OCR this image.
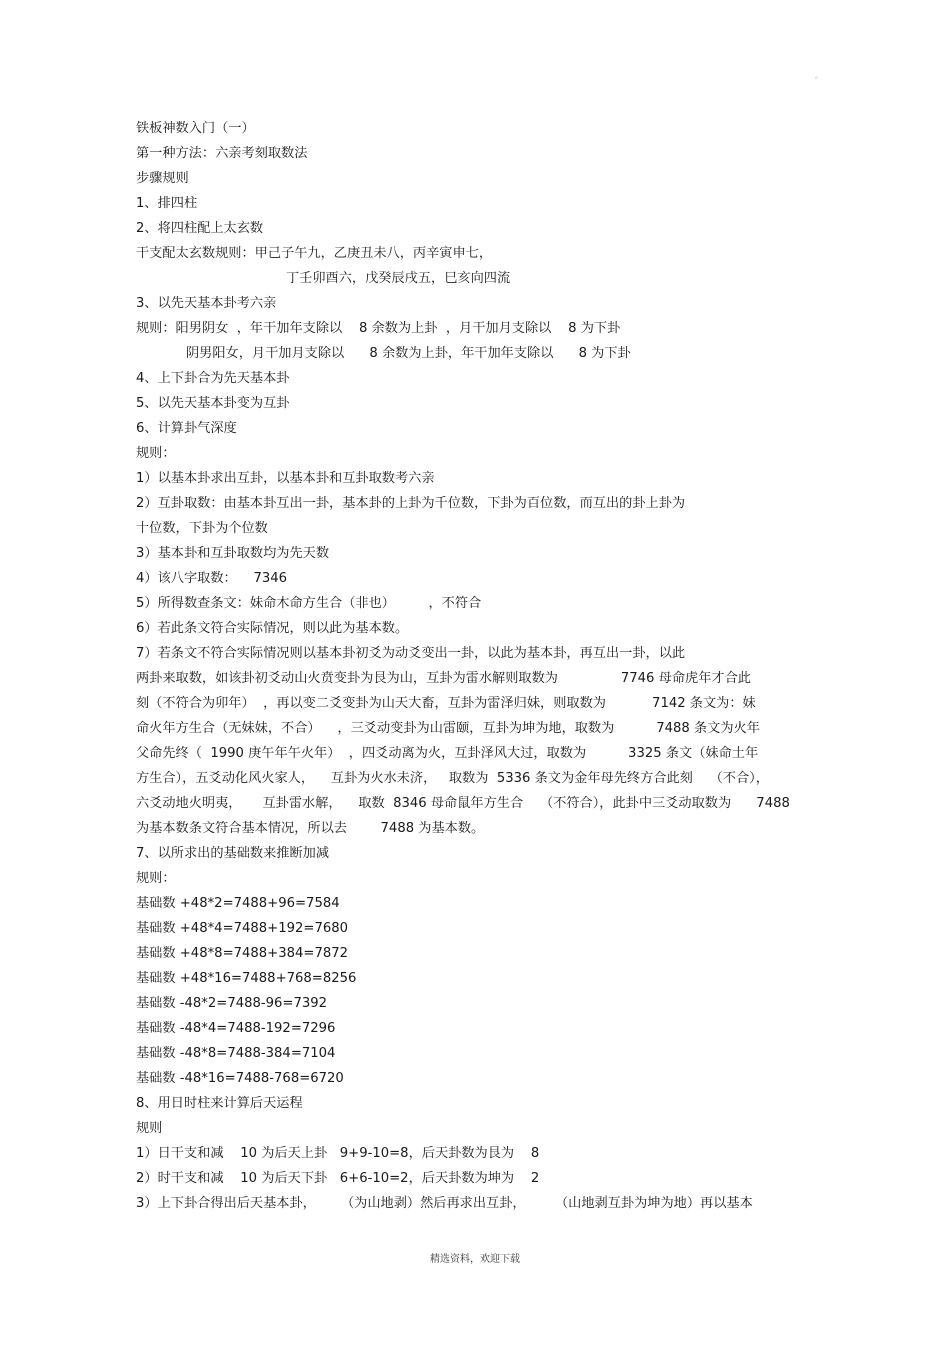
。
铁板神数入门（一）
第一种方法：六亲考刻取数法
步骤规则
1、排四柱
2、将四柱配上太玄数
干支配太玄数规则：甲己子午九，乙庚丑未八，丙辛寅申七，
丁壬卯酉六，戊癸辰戌五，巳亥向四流
3、以先天基本卦考六亲
规则：阳男阴女  ，年干加年支除以    8 余数为上卦  ，月干加月支除以    8 为下卦
阴男阳女，月干加月支除以      8 余数为上卦，年干加年支除以      8 为下卦
4、上下卦合为先天基本卦
5、以先天基本卦变为互卦
6、计算卦气深度
规则：
1）以基本卦求出互卦，以基本卦和互卦取数考六亲
2）互卦取数：由基本卦互出一卦，基本卦的上卦为千位数，下卦为百位数，而互出的卦上卦为
十位数，下卦为个位数
3）基本卦和互卦取数均为先天数
4）该八字取数：    7346
5）所得数查条文：妹命木命方生合（非也）        ，不符合
6）若此条文符合实际情况，则以此为基本数。
7）若条文不符合实际情况则以基本卦初爻为动爻变出一卦，以此为基本卦，再互出一卦，以此
两卦来取数，如该卦初爻动山火贲变卦为艮为山，互卦为雷水解则取数为               7746 母命虎年才合此
刻（不符合为卯年）  ，再以变二爻变卦为山天大畜，互卦为雷泽归妹，则取数为           7142 条文为：妹
命火年方生合（无妹妹，不合）    ，三爻动变卦为山雷颐，互卦为坤为地，取数为          7488 条文为火年
父命先终（  1990 庚午年午火年）  ，四爻动离为火，互卦泽风大过，取数为          3325 条文（妹命土年
方生合），五爻动化风火家人，    互卦为火水未济，   取数为  5336 条文为金年母先终方合此刻    （不合），
六爻动地火明夷，     互卦雷水解，    取数  8346 母命鼠年方生合    （不符合），此卦中三爻动取数为      7488
为基本数条文符合基本情况，所以去        7488 为基本数。
7、以所求出的基础数来推断加减
规则：
基础数 +48*2=7488+96=7584
基础数 +48*4=7488+192=7680
基础数 +48*8=7488+384=7872
基础数 +48*16=7488+768=8256
基础数 -48*2=7488-96=7392
基础数 -48*4=7488-192=7296
基础数 -48*8=7488-384=7104
基础数 -48*16=7488-768=6720
8、用日时柱来计算后天运程
规则
1）日干支和减    10 为后天上卦   9+9-10=8，后天卦数为艮为    8
2）时干支和减    10 为后天下卦   6+6-10=2，后天卦数为坤为    2
3）上下卦合得出后天基本卦，      （为山地剥）然后再求出互卦，       （山地剥互卦为坤为地）再以基本
精选资料，欢迎下载
